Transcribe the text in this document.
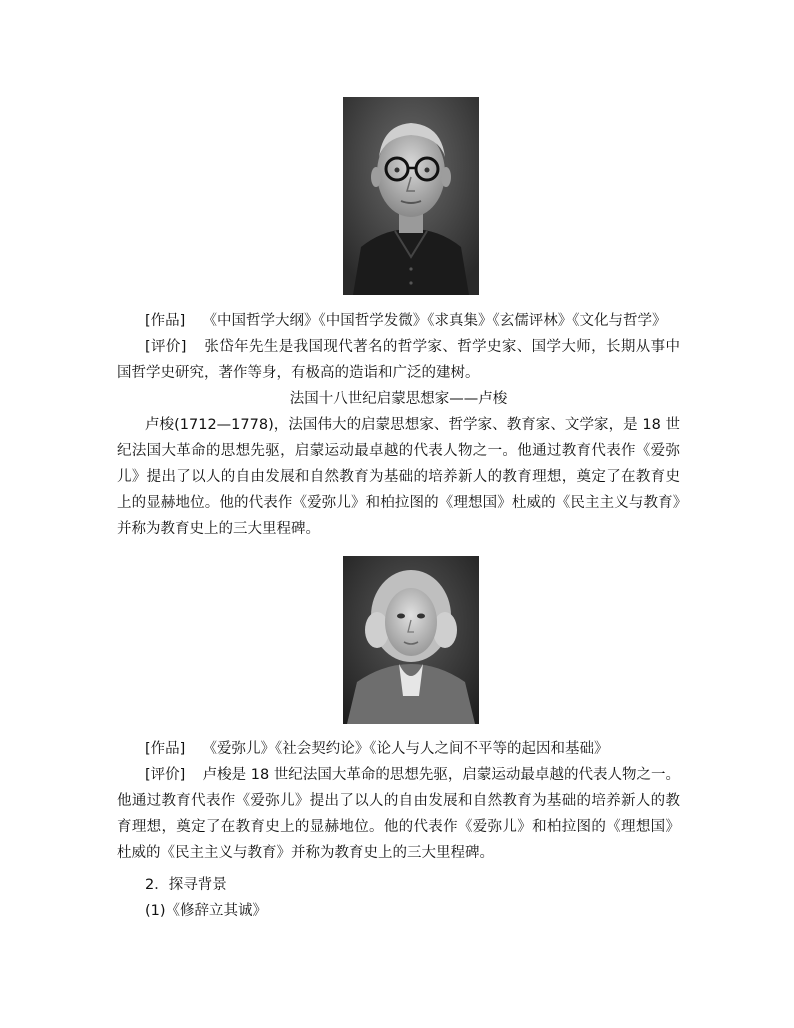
[作品] 《中国哲学大纲》《中国哲学发微》《求真集》《玄儒评林》《文化与哲学》
[评价] 张岱年先生是我国现代著名的哲学家、哲学史家、国学大师，长期从事中国哲学史研究，著作等身，有极高的造诣和广泛的建树。
法国十八世纪启蒙思想家——卢梭
卢梭(1712—1778)，法国伟大的启蒙思想家、哲学家、教育家、文学家，是 18 世纪法国大革命的思想先驱，启蒙运动最卓越的代表人物之一。他通过教育代表作《爱弥儿》提出了以人的自由发展和自然教育为基础的培养新人的教育理想，奠定了在教育史上的显赫地位。他的代表作《爱弥儿》和柏拉图的《理想国》杜威的《民主主义与教育》并称为教育史上的三大里程碑。
[作品] 《爱弥儿》《社会契约论》《论人与人之间不平等的起因和基础》
[评价] 卢梭是 18 世纪法国大革命的思想先驱，启蒙运动最卓越的代表人物之一。他通过教育代表作《爱弥儿》提出了以人的自由发展和自然教育为基础的培养新人的教育理想，奠定了在教育史上的显赫地位。他的代表作《爱弥儿》和柏拉图的《理想国》杜威的《民主主义与教育》并称为教育史上的三大里程碑。
2．探寻背景
(1)《修辞立其诚》
